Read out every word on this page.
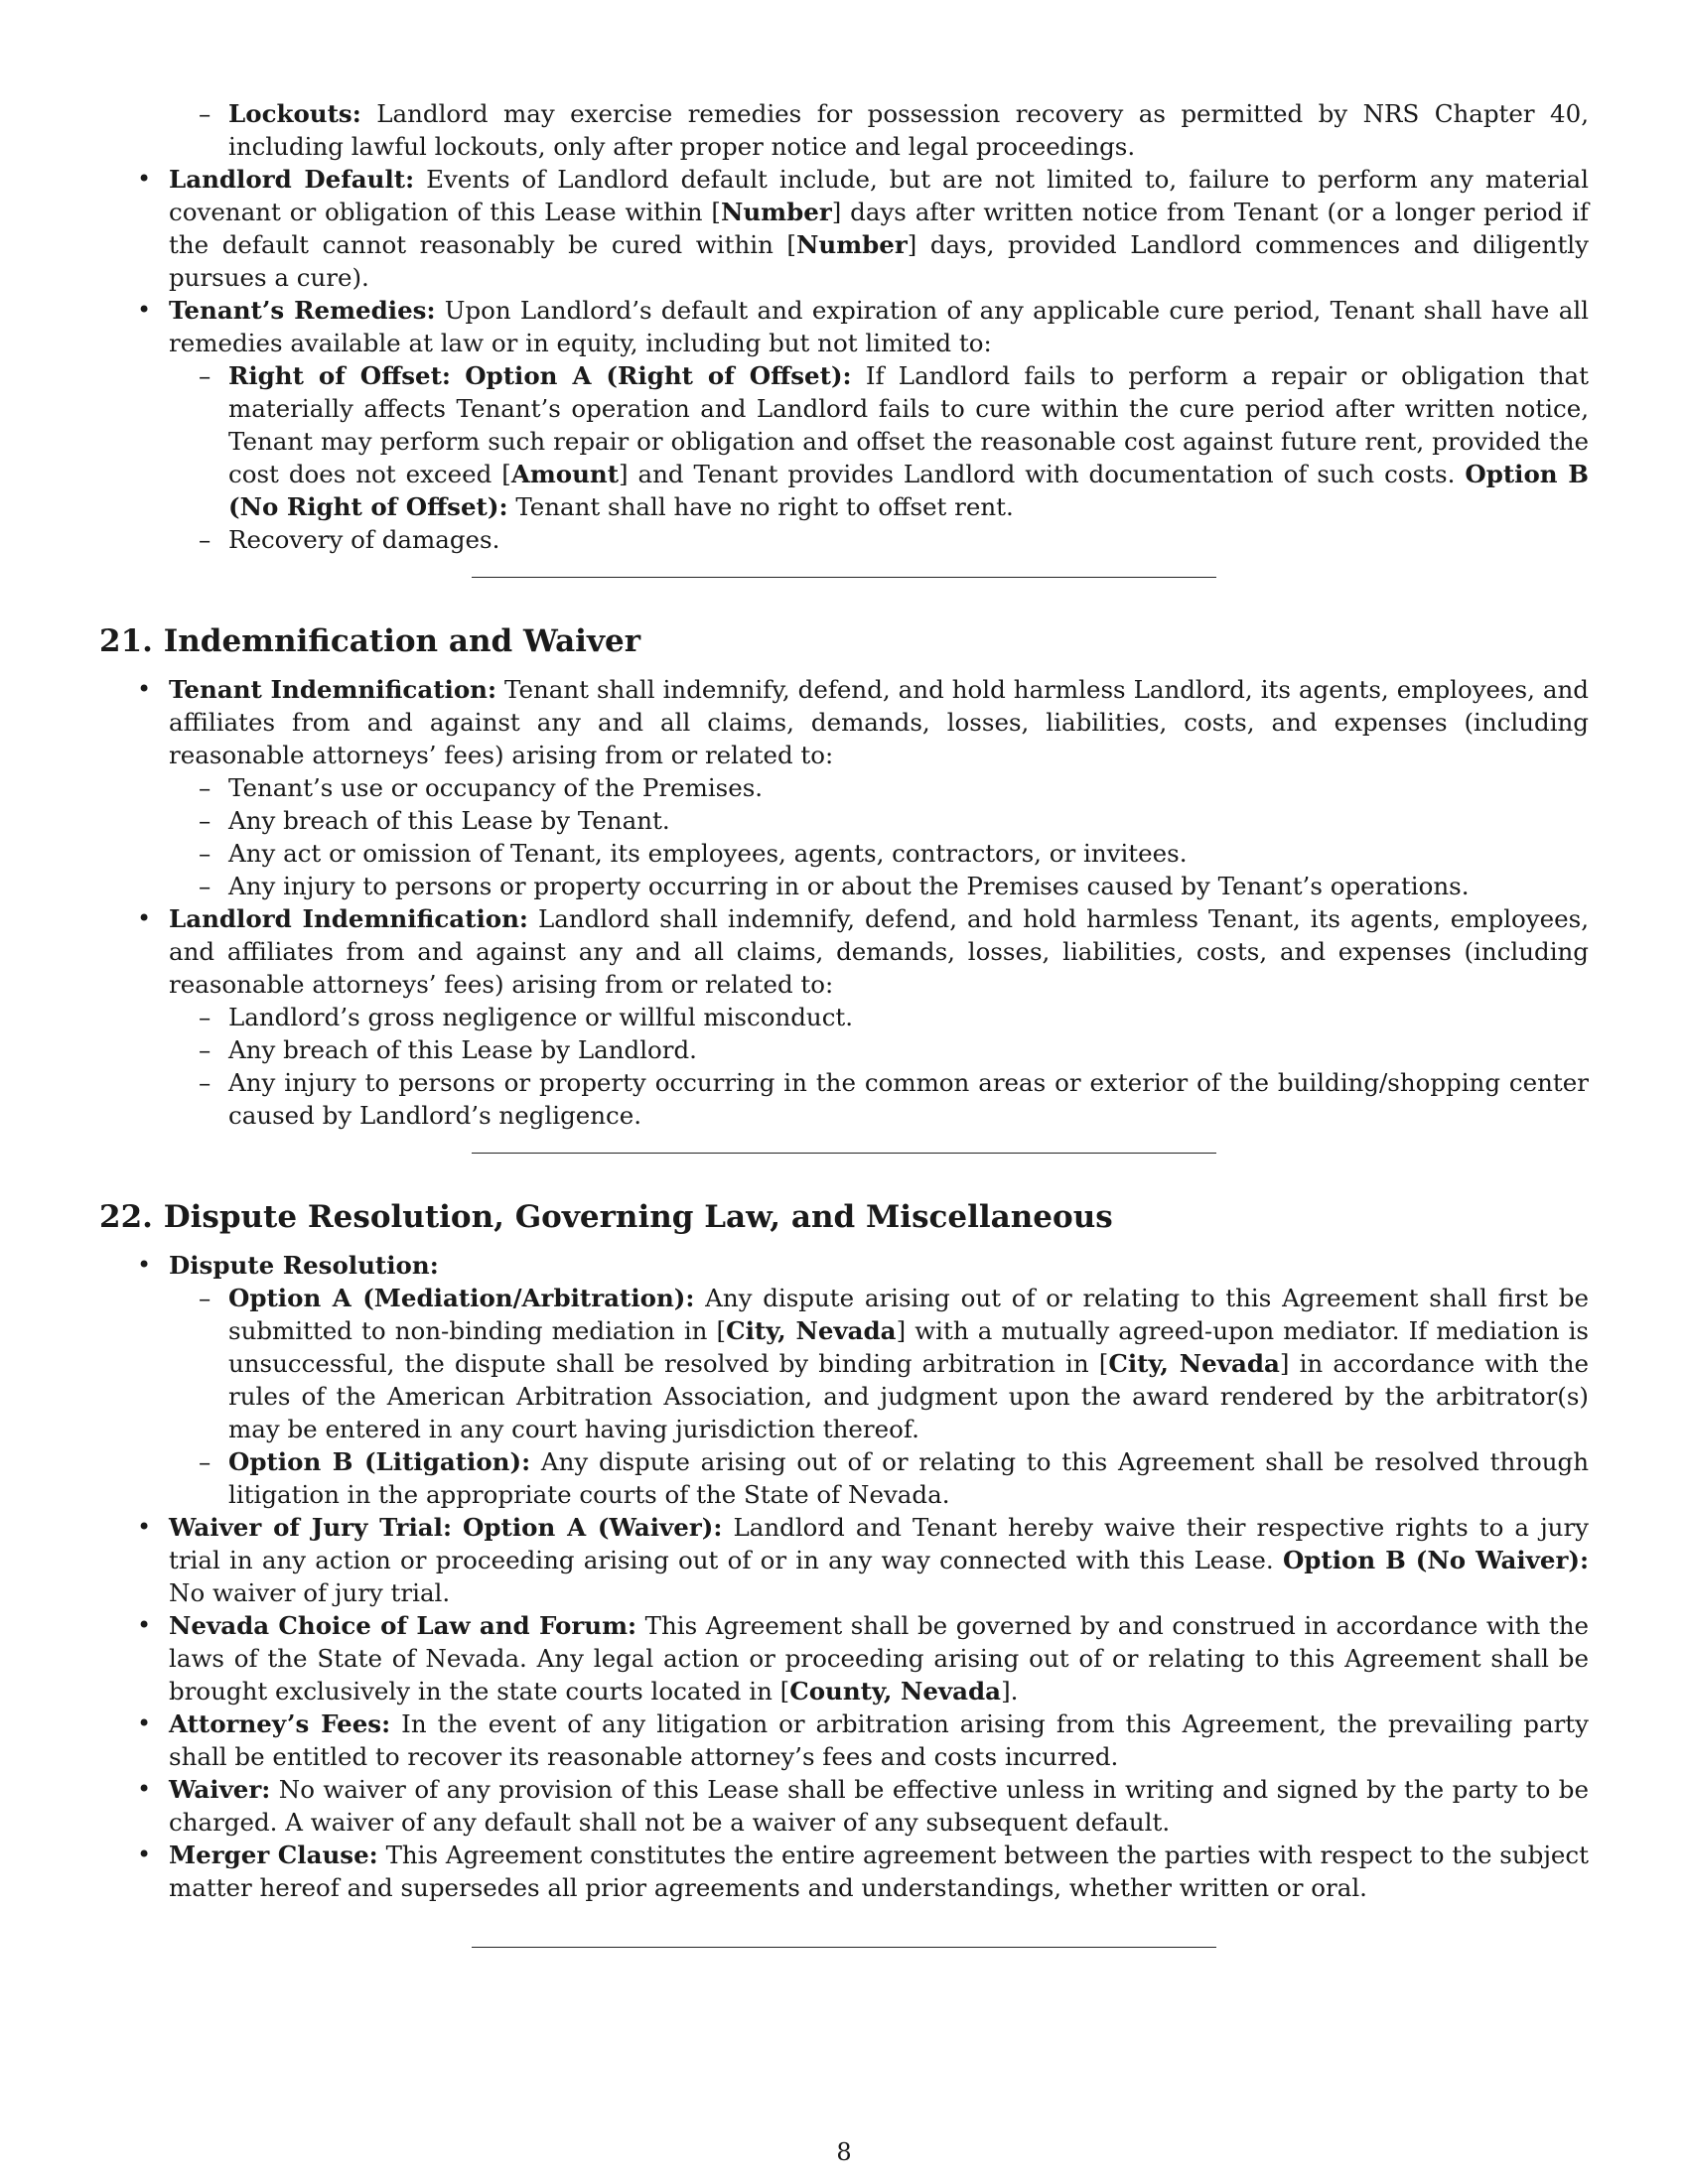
– Lockouts: Landlord may exercise remedies for possession recovery as permitted by NRS Chapter 40, including lawful lockouts, only after proper notice and legal proceedings.
• Landlord Default: Events of Landlord default include, but are not limited to, failure to perform any material covenant or obligation of this Lease within [Number] days after written notice from Tenant (or a longer period if the default cannot reasonably be cured within [Number] days, provided Landlord commences and diligently pursues a cure).
• Tenant’s Remedies: Upon Landlord’s default and expiration of any applicable cure period, Tenant shall have all remedies available at law or in equity, including but not limited to:
– Right of Offset: Option A (Right of Offset): If Landlord fails to perform a repair or obligation that materially affects Tenant’s operation and Landlord fails to cure within the cure period after written notice, Tenant may perform such repair or obligation and offset the reasonable cost against future rent, provided the cost does not exceed [Amount] and Tenant provides Landlord with documentation of such costs. Option B (No Right of Offset): Tenant shall have no right to offset rent.
– Recovery of damages.
21. Indemnification and Waiver
• Tenant Indemnification: Tenant shall indemnify, defend, and hold harmless Landlord, its agents, employees, and affiliates from and against any and all claims, demands, losses, liabilities, costs, and expenses (including reasonable attorneys’ fees) arising from or related to:
– Tenant’s use or occupancy of the Premises.
– Any breach of this Lease by Tenant.
– Any act or omission of Tenant, its employees, agents, contractors, or invitees.
– Any injury to persons or property occurring in or about the Premises caused by Tenant’s operations.
• Landlord Indemnification: Landlord shall indemnify, defend, and hold harmless Tenant, its agents, employees, and affiliates from and against any and all claims, demands, losses, liabilities, costs, and expenses (including reasonable attorneys’ fees) arising from or related to:
– Landlord’s gross negligence or willful misconduct.
– Any breach of this Lease by Landlord.
– Any injury to persons or property occurring in the common areas or exterior of the building/shopping center caused by Landlord’s negligence.
22. Dispute Resolution, Governing Law, and Miscellaneous
• Dispute Resolution:
– Option A (Mediation/Arbitration): Any dispute arising out of or relating to this Agreement shall first be submitted to non-binding mediation in [City, Nevada] with a mutually agreed-upon mediator. If mediation is unsuccessful, the dispute shall be resolved by binding arbitration in [City, Nevada] in accordance with the rules of the American Arbitration Association, and judgment upon the award rendered by the arbitrator(s) may be entered in any court having jurisdiction thereof.
– Option B (Litigation): Any dispute arising out of or relating to this Agreement shall be resolved through litigation in the appropriate courts of the State of Nevada.
• Waiver of Jury Trial: Option A (Waiver): Landlord and Tenant hereby waive their respective rights to a jury trial in any action or proceeding arising out of or in any way connected with this Lease. Option B (No Waiver): No waiver of jury trial.
• Nevada Choice of Law and Forum: This Agreement shall be governed by and construed in accordance with the laws of the State of Nevada. Any legal action or proceeding arising out of or relating to this Agreement shall be brought exclusively in the state courts located in [County, Nevada].
• Attorney’s Fees: In the event of any litigation or arbitration arising from this Agreement, the prevailing party shall be entitled to recover its reasonable attorney’s fees and costs incurred.
• Waiver: No waiver of any provision of this Lease shall be effective unless in writing and signed by the party to be charged. A waiver of any default shall not be a waiver of any subsequent default.
• Merger Clause: This Agreement constitutes the entire agreement between the parties with respect to the subject matter hereof and supersedes all prior agreements and understandings, whether written or oral.
8
